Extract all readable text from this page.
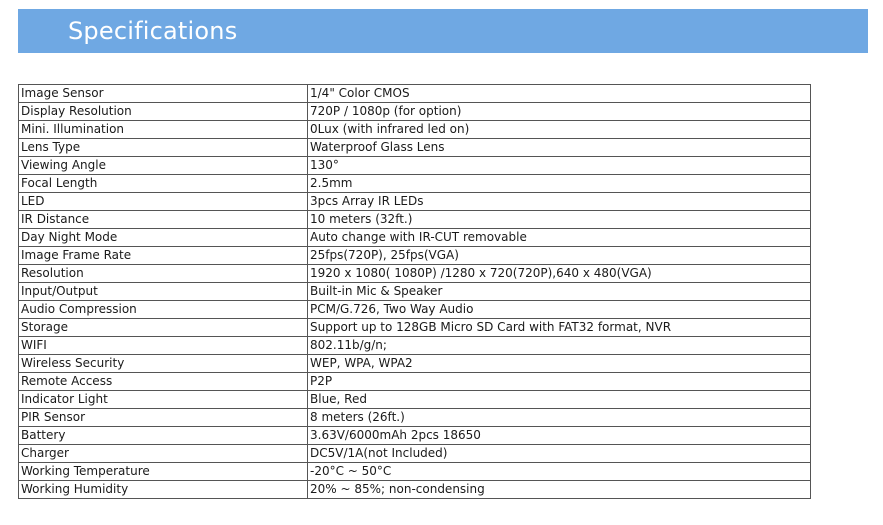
Specifications
Image Sensor	1/4" Color CMOS
Display Resolution	720P / 1080p (for option)
Mini. Illumination	0Lux (with infrared led on)
Lens Type	Waterproof Glass Lens
Viewing Angle	130°
Focal Length	2.5mm
LED	3pcs Array IR LEDs
IR Distance	10 meters (32ft.)
Day Night Mode	Auto change with IR-CUT removable
Image Frame Rate	25fps(720P), 25fps(VGA)
Resolution	1920 x 1080( 1080P) /1280 x 720(720P),640 x 480(VGA)
Input/Output	Built-in Mic & Speaker
Audio Compression	PCM/G.726, Two Way Audio
Storage	Support up to 128GB Micro SD Card with FAT32 format, NVR
WIFI	802.11b/g/n;
Wireless Security	WEP, WPA, WPA2
Remote Access	P2P
Indicator Light	Blue, Red
PIR Sensor	8 meters (26ft.)
Battery	3.63V/6000mAh 2pcs 18650
Charger	DC5V/1A(not Included)
Working Temperature	-20°C ~ 50°C
Working Humidity	20% ~ 85%; non-condensing
